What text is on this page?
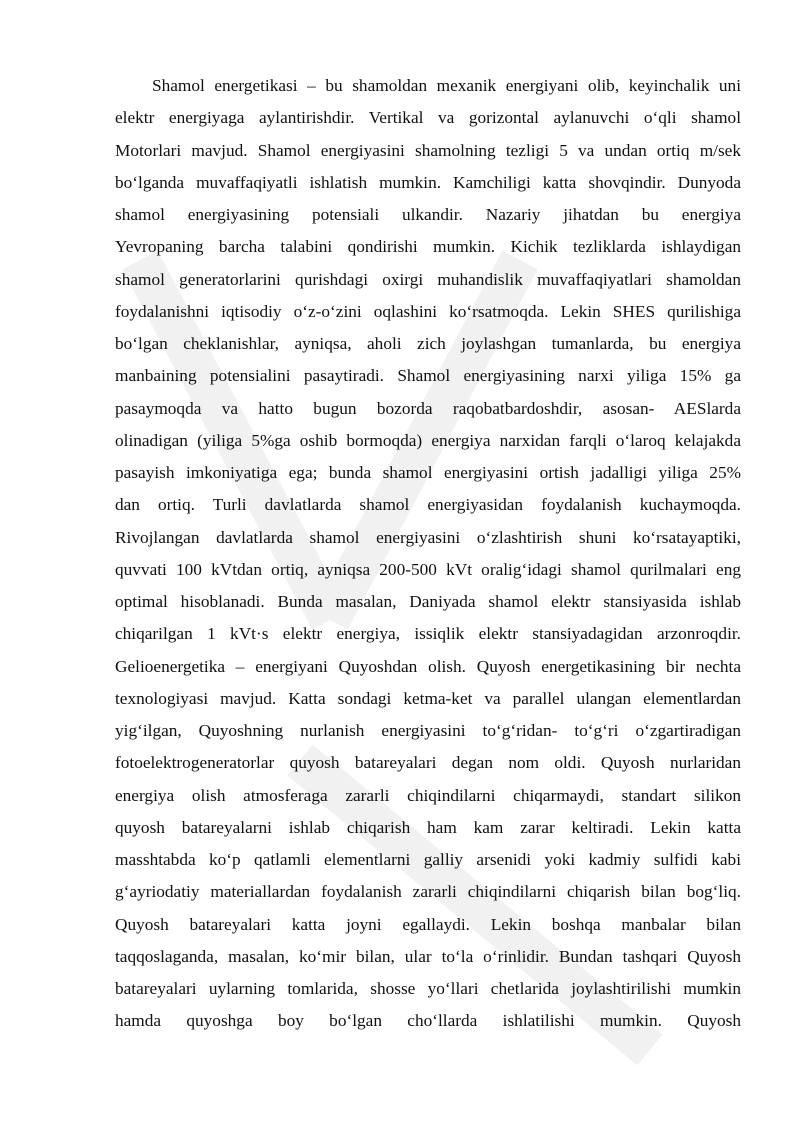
Shamol energetikasi – bu shamoldan mexanik energiyani olib, keyinchalik uni
elektr energiyaga aylantirishdir. Vertikal va gorizontal aylanuvchi o‘qli shamol
Motorlari mavjud. Shamol energiyasini shamolning tezligi 5 va undan ortiq m/sek
bo‘lganda muvaffaqiyatli ishlatish mumkin. Kamchiligi katta shovqindir. Dunyoda
shamol energiyasining potensiali ulkandir. Nazariy jihatdan bu energiya
Yevropaning barcha talabini qondirishi mumkin. Kichik tezliklarda ishlaydigan
shamol generatorlarini qurishdagi oxirgi muhandislik muvaffaqiyatlari shamoldan
foydalanishni iqtisodiy o‘z-o‘zini oqlashini ko‘rsatmoqda. Lekin SHES qurilishiga
bo‘lgan cheklanishlar, ayniqsa, aholi zich joylashgan tumanlarda, bu energiya
manbaining potensialini pasaytiradi. Shamol energiyasining narxi yiliga 15% ga
pasaymoqda va hatto bugun bozorda raqobatbardoshdir, asosan- AESlarda
olinadigan (yiliga 5%ga oshib bormoqda) energiya narxidan farqli o‘laroq kelajakda
pasayish imkoniyatiga ega; bunda shamol energiyasini ortish jadalligi yiliga 25%
dan ortiq. Turli davlatlarda shamol energiyasidan foydalanish kuchaymoqda.
Rivojlangan davlatlarda shamol energiyasini o‘zlashtirish shuni ko‘rsatayaptiki,
quvvati 100 kVtdan ortiq, ayniqsa 200-500 kVt oralig‘idagi shamol qurilmalari eng
optimal hisoblanadi. Bunda masalan, Daniyada shamol elektr stansiyasida ishlab
chiqarilgan 1 kVt·s elektr energiya, issiqlik elektr stansiyadagidan arzonroqdir.
Gelioenergetika – energiyani Quyoshdan olish. Quyosh energetikasining bir nechta
texnologiyasi mavjud. Katta sondagi ketma-ket va parallel ulangan elementlardan
yig‘ilgan, Quyoshning nurlanish energiyasini to‘g‘ridan- to‘g‘ri o‘zgartiradigan
fotoelektrogeneratorlar quyosh batareyalari degan nom oldi. Quyosh nurlaridan
energiya olish atmosferaga zararli chiqindilarni chiqarmaydi, standart silikon
quyosh batareyalarni ishlab chiqarish ham kam zarar keltiradi. Lekin katta
masshtabda ko‘p qatlamli elementlarni galliy arsenidi yoki kadmiy sulfidi kabi
g‘ayriodatiy materiallardan foydalanish zararli chiqindilarni chiqarish bilan bog‘liq.
Quyosh batareyalari katta joyni egallaydi. Lekin boshqa manbalar bilan
taqqoslaganda, masalan, ko‘mir bilan, ular to‘la o‘rinlidir. Bundan tashqari Quyosh
batareyalari uylarning tomlarida, shosse yo‘llari chetlarida joylashtirilishi mumkin
hamda quyoshga boy bo‘lgan cho‘llarda ishlatilishi mumkin. Quyosh
